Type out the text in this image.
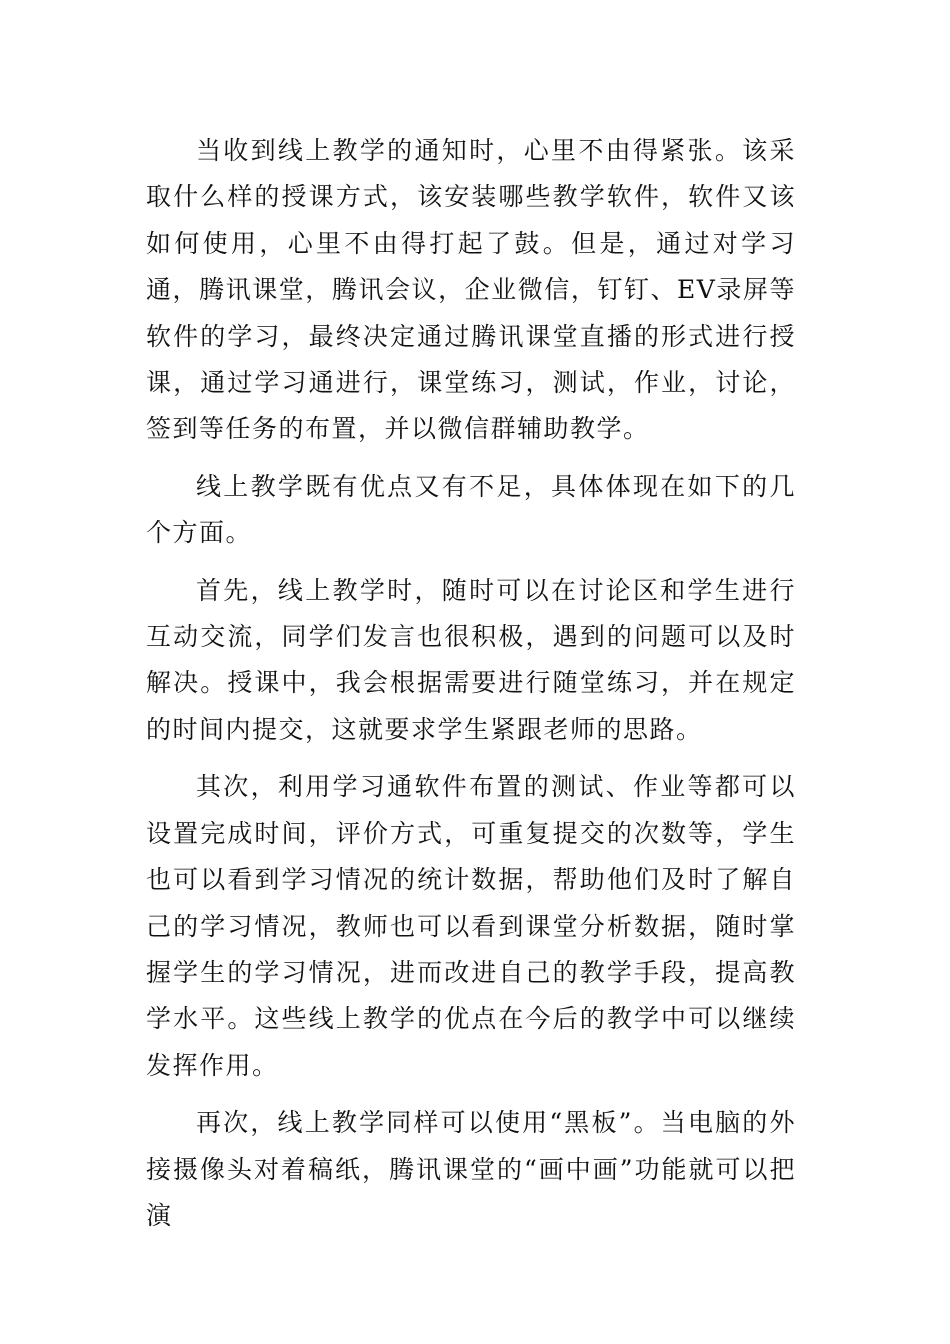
当收到线上教学的通知时，心里不由得紧张。该采取什么样的授课方式，该安装哪些教学软件，软件又该如何使用，心里不由得打起了鼓。但是，通过对学习通，腾讯课堂，腾讯会议，企业微信，钉钉、EV录屏等软件的学习，最终决定通过腾讯课堂直播的形式进行授课，通过学习通进行，课堂练习，测试，作业，讨论，签到等任务的布置，并以微信群辅助教学。

线上教学既有优点又有不足，具体体现在如下的几个方面。

首先，线上教学时，随时可以在讨论区和学生进行互动交流，同学们发言也很积极，遇到的问题可以及时解决。授课中，我会根据需要进行随堂练习，并在规定的时间内提交，这就要求学生紧跟老师的思路。

其次，利用学习通软件布置的测试、作业等都可以设置完成时间，评价方式，可重复提交的次数等，学生也可以看到学习情况的统计数据，帮助他们及时了解自己的学习情况，教师也可以看到课堂分析数据，随时掌握学生的学习情况，进而改进自己的教学手段，提高教学水平。这些线上教学的优点在今后的教学中可以继续发挥作用。

再次，线上教学同样可以使用“黑板”。当电脑的外接摄像头对着稿纸，腾讯课堂的“画中画”功能就可以把演
